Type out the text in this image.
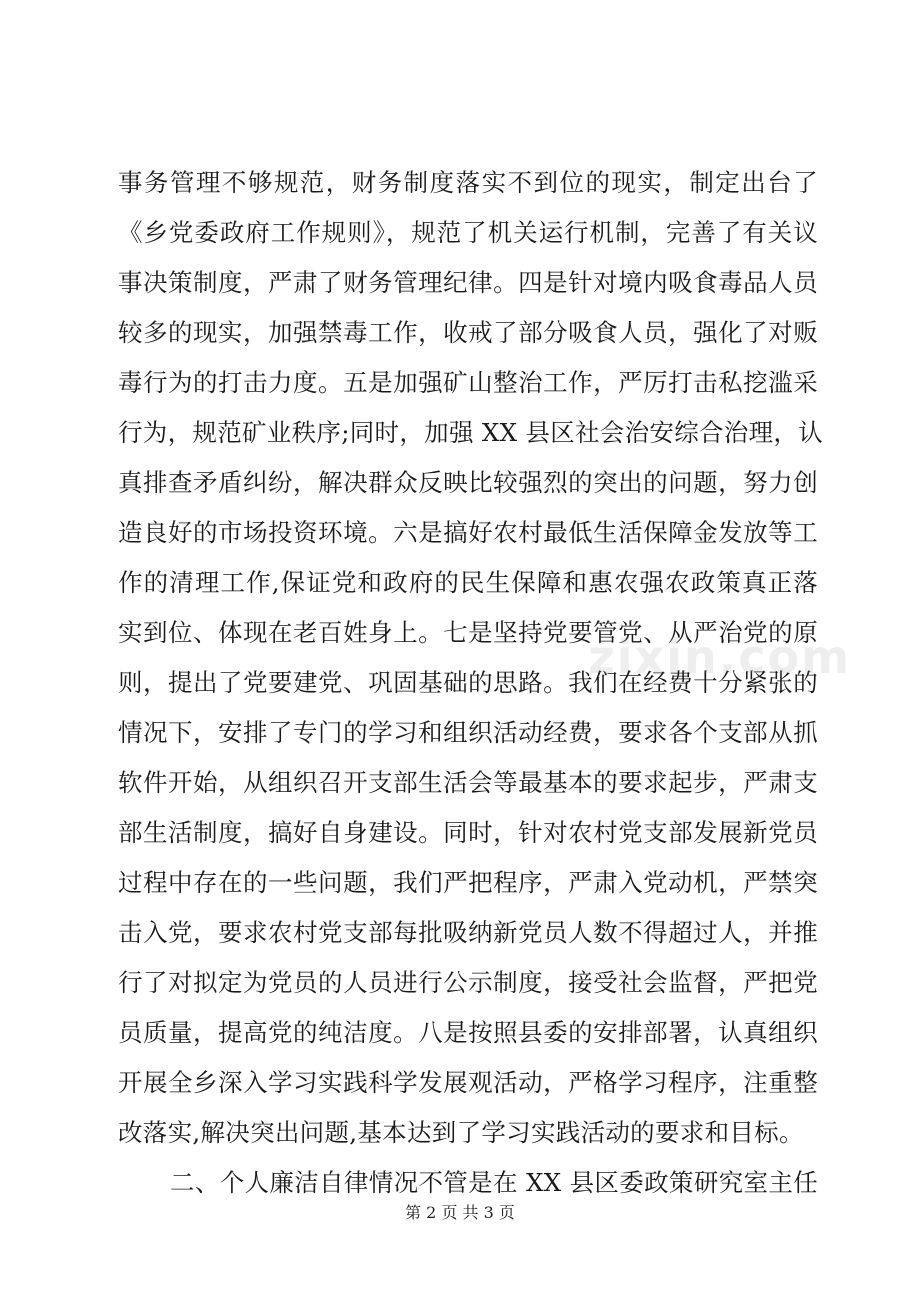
事务管理不够规范，财务制度落实不到位的现实，制定出台了
《乡党委政府工作规则》，规范了机关运行机制，完善了有关议
事决策制度，严肃了财务管理纪律。四是针对境内吸食毒品人员
较多的现实，加强禁毒工作，收戒了部分吸食人员，强化了对贩
毒行为的打击力度。五是加强矿山整治工作，严厉打击私挖滥采
行为，规范矿业秩序;同时，加强 XX 县区社会治安综合治理，认
真排查矛盾纠纷，解决群众反映比较强烈的突出的问题，努力创
造良好的市场投资环境。六是搞好农村最低生活保障金发放等工
作的清理工作,保证党和政府的民生保障和惠农强农政策真正落
实到位、体现在老百姓身上。七是坚持党要管党、从严治党的原
则，提出了党要建党、巩固基础的思路。我们在经费十分紧张的
情况下，安排了专门的学习和组织活动经费，要求各个支部从抓
软件开始，从组织召开支部生活会等最基本的要求起步，严肃支
部生活制度，搞好自身建设。同时，针对农村党支部发展新党员
过程中存在的一些问题，我们严把程序，严肃入党动机，严禁突
击入党，要求农村党支部每批吸纳新党员人数不得超过人，并推
行了对拟定为党员的人员进行公示制度，接受社会监督，严把党
员质量，提高党的纯洁度。八是按照县委的安排部署，认真组织
开展全乡深入学习实践科学发展观活动，严格学习程序，注重整
改落实,解决突出问题,基本达到了学习实践活动的要求和目标。
二、个人廉洁自律情况不管是在 XX 县区委政策研究室主任
zixin.com
第 2 页 共 3 页
